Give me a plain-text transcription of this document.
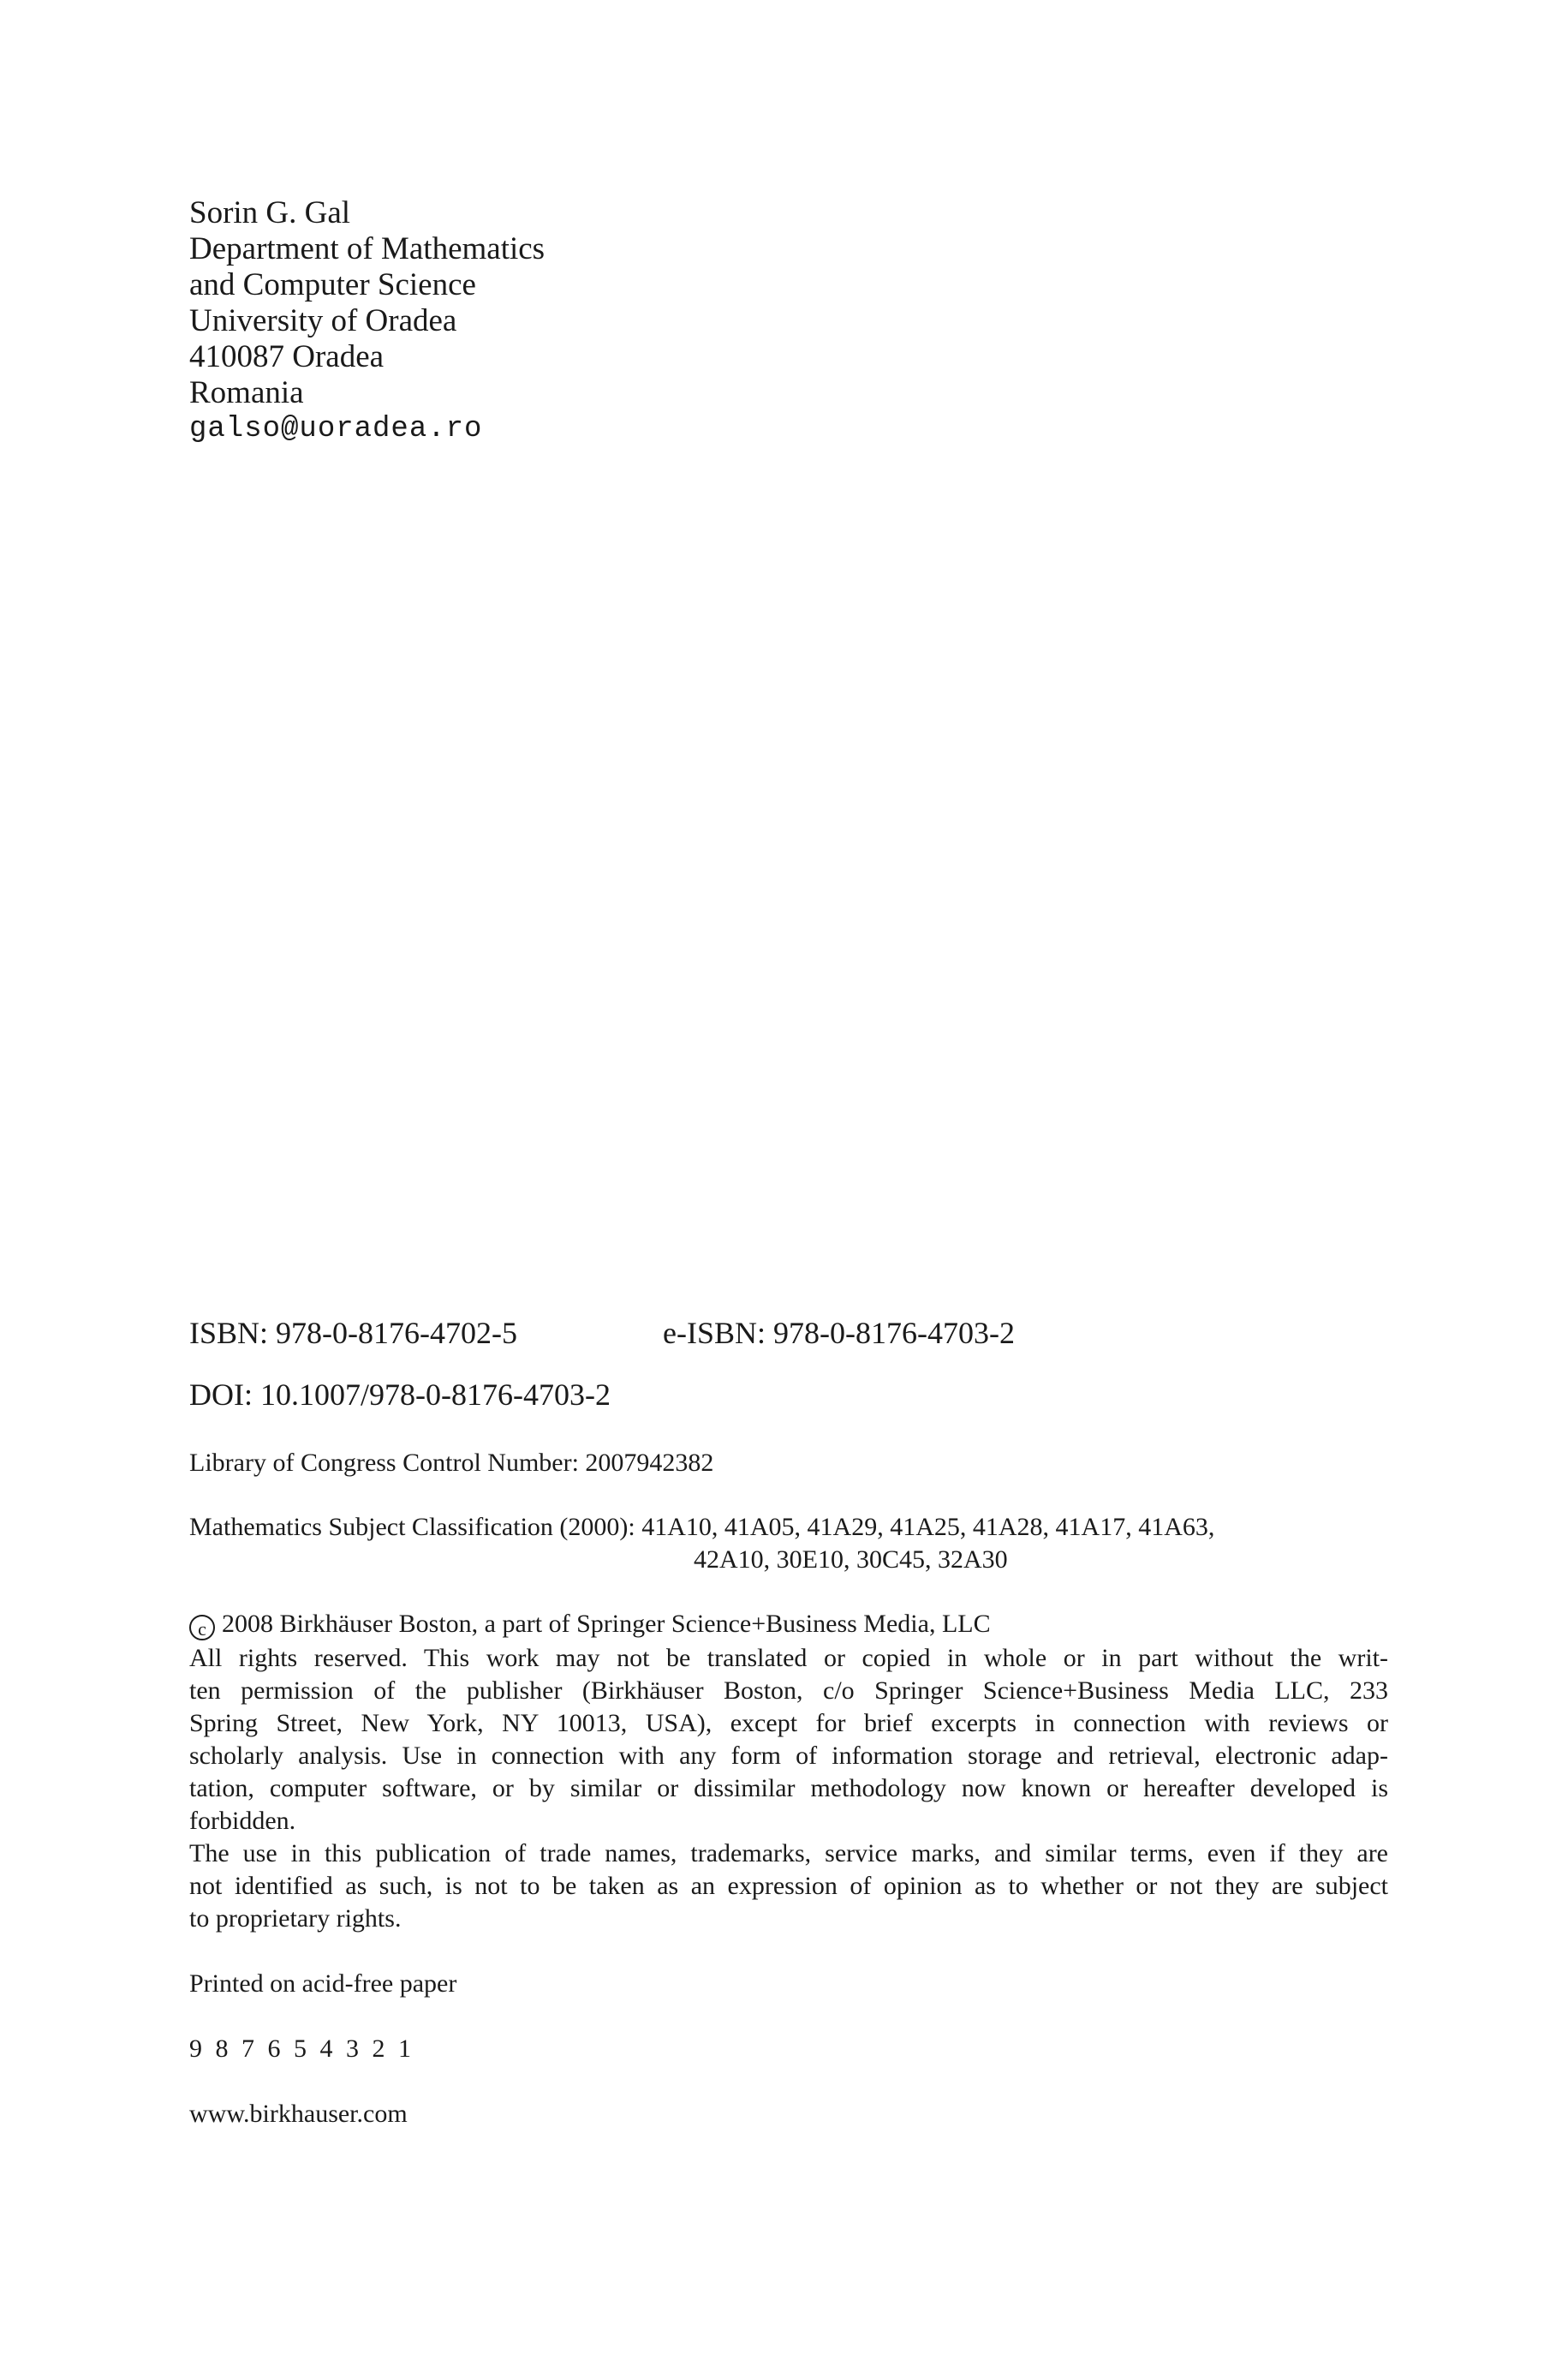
Sorin G. Gal
Department of Mathematics
and Computer Science
University of Oradea
410087 Oradea
Romania
galso@uoradea.ro
ISBN: 978-0-8176-4702-5	e-ISBN: 978-0-8176-4703-2
DOI: 10.1007/978-0-8176-4703-2
Library of Congress Control Number: 2007942382
Mathematics Subject Classification (2000): 41A10, 41A05, 41A29, 41A25, 41A28, 41A17, 41A63,
42A10, 30E10, 30C45, 32A30
c 2008 Birkhäuser Boston, a part of Springer Science+Business Media, LLC
All rights reserved. This work may not be translated or copied in whole or in part without the writ-
ten permission of the publisher (Birkhäuser Boston, c/o Springer Science+Business Media LLC, 233
Spring Street, New York, NY 10013, USA), except for brief excerpts in connection with reviews or
scholarly analysis. Use in connection with any form of information storage and retrieval, electronic adap-
tation, computer software, or by similar or dissimilar methodology now known or hereafter developed is
forbidden.
The use in this publication of trade names, trademarks, service marks, and similar terms, even if they are
not identified as such, is not to be taken as an expression of opinion as to whether or not they are subject
to proprietary rights.
Printed on acid-free paper
9 8 7 6 5 4 3 2 1
www.birkhauser.com
